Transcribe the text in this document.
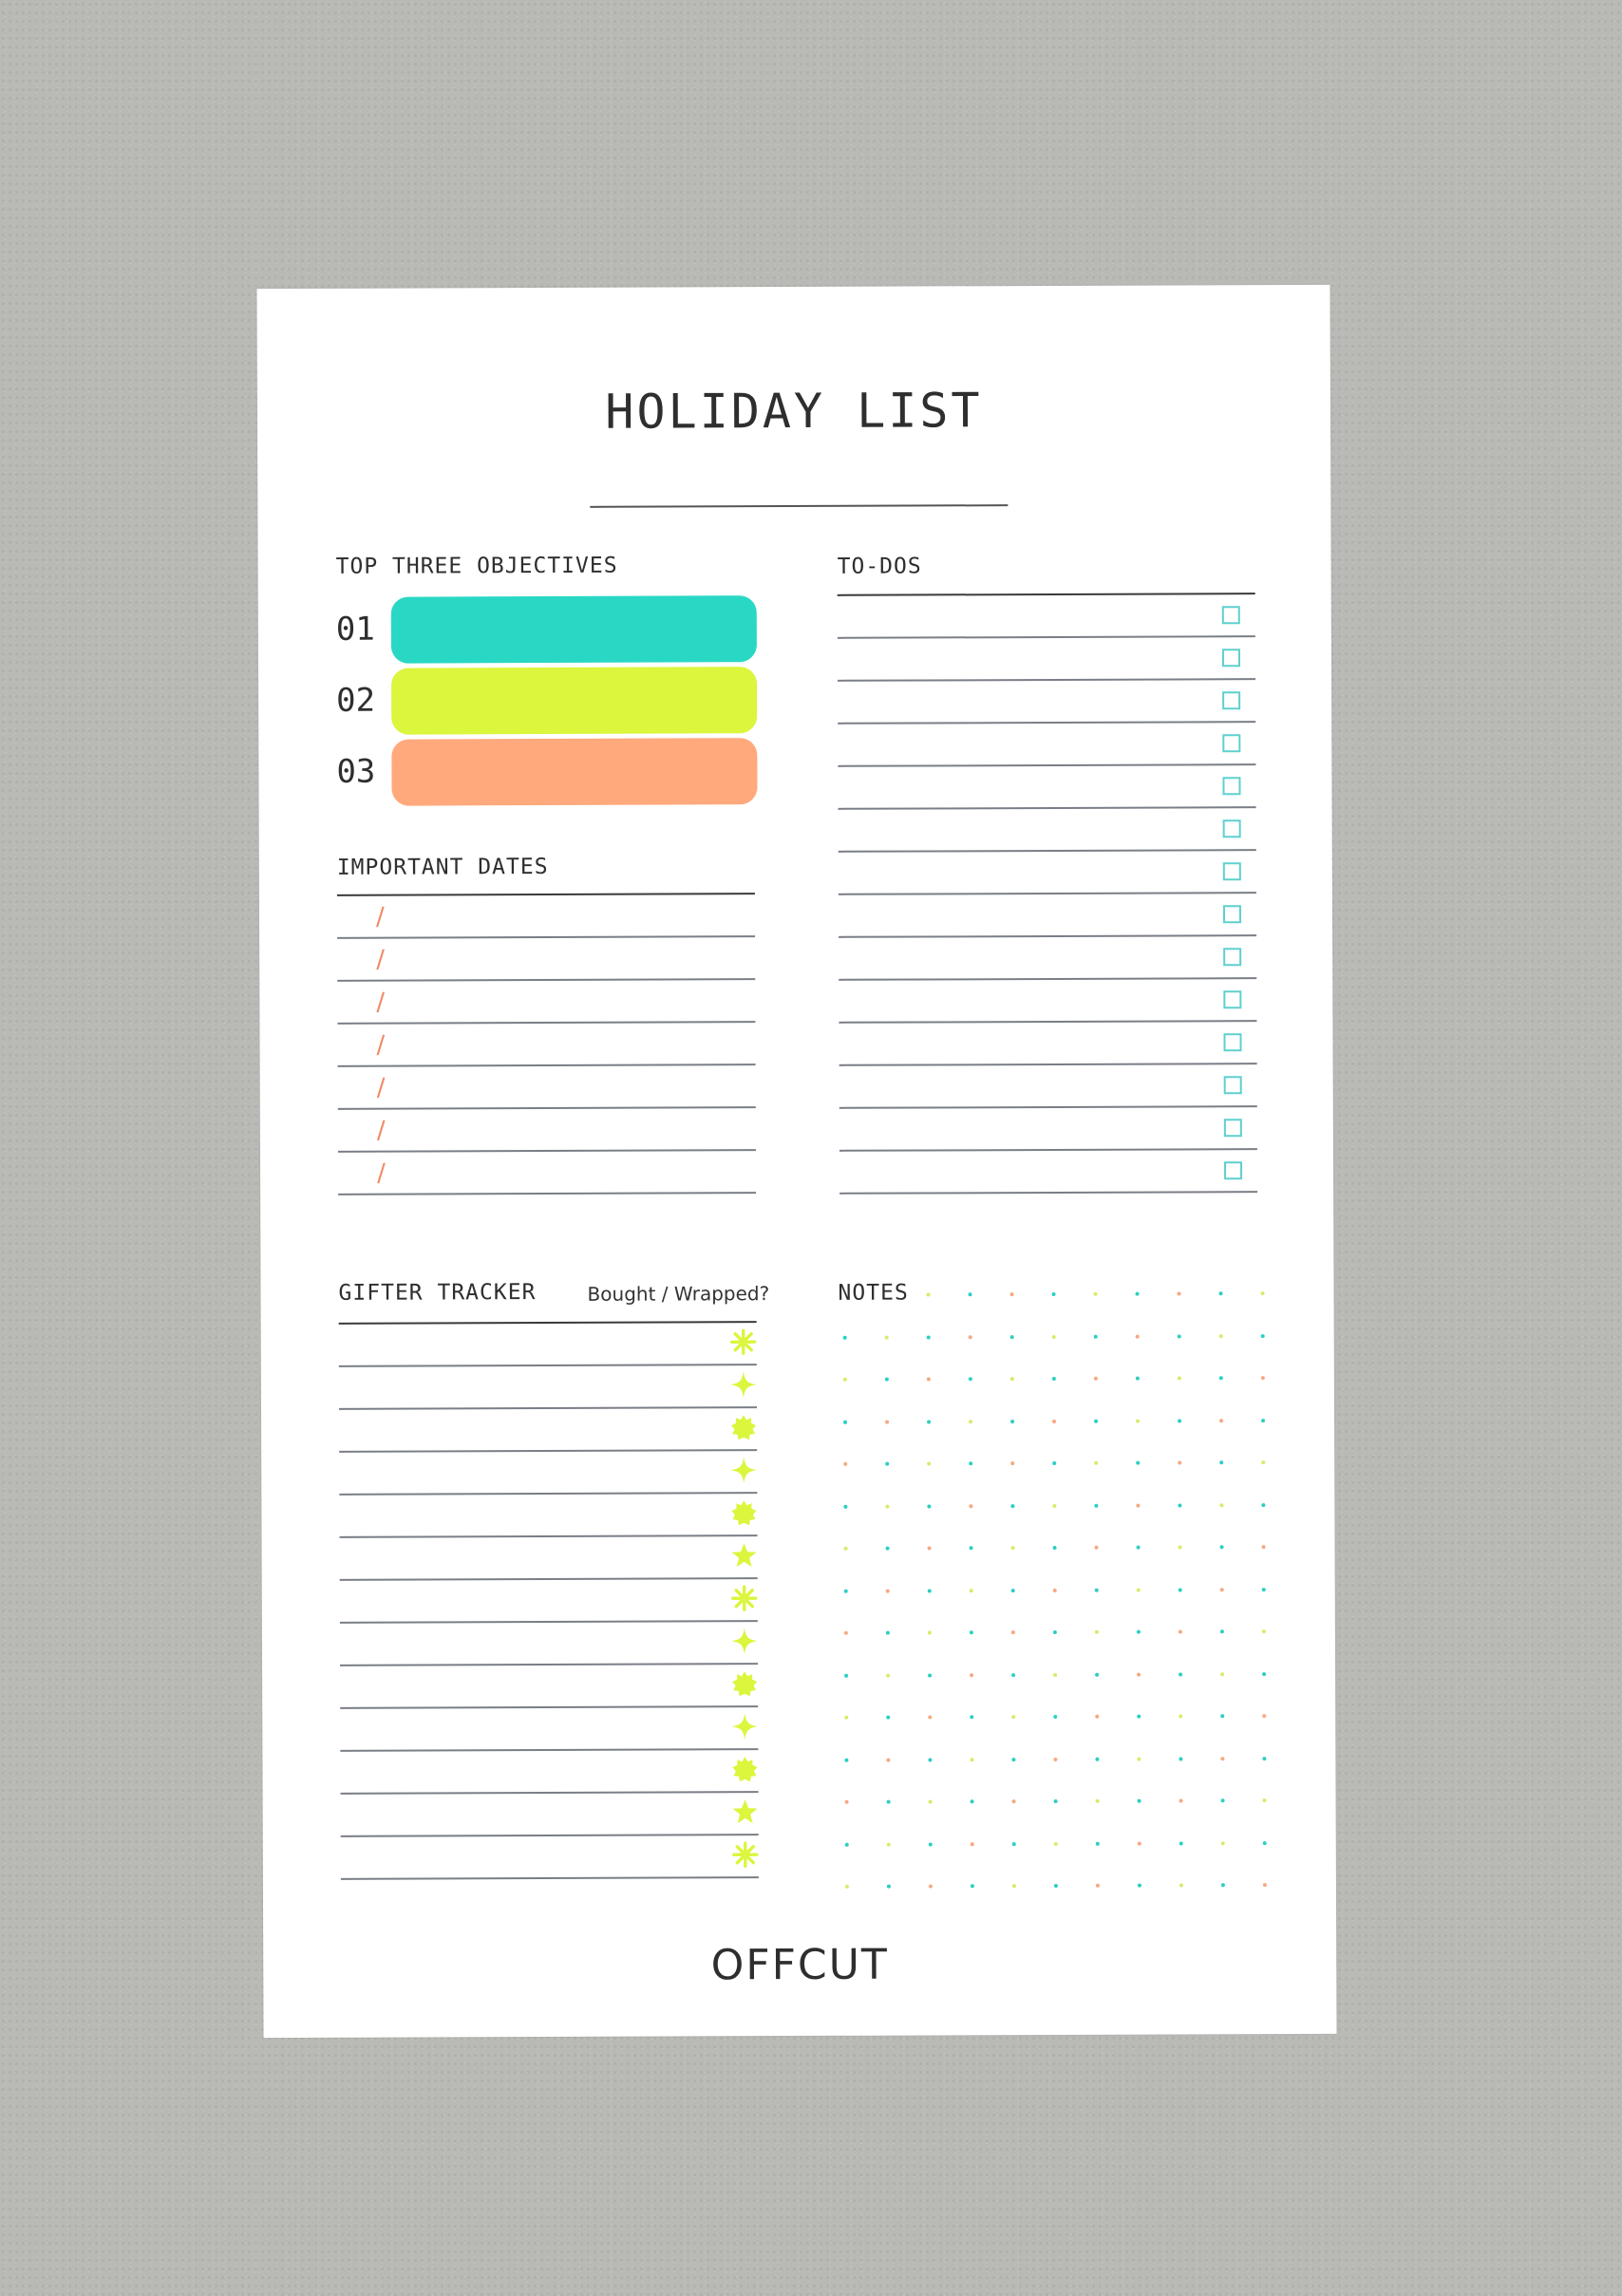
HOLIDAY LIST
TOP THREE OBJECTIVES
01
02
03
IMPORTANT DATES
/
/
/
/
/
/
/
TO-DOS
GIFTER TRACKER	Bought / Wrapped?	NOTES
OFFCUT
